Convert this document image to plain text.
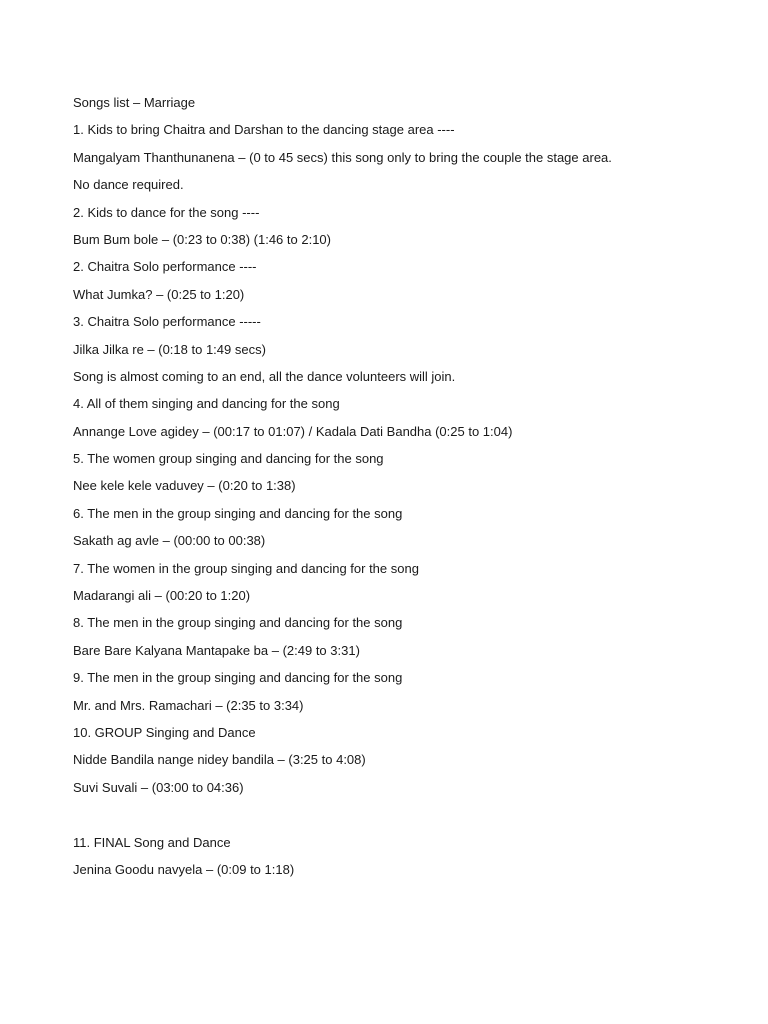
Songs list – Marriage
1. Kids to bring Chaitra and Darshan to the dancing stage area ----
Mangalyam Thanthunanena – (0 to 45 secs) this song only to bring the couple the stage area.
No dance required.
2. Kids to dance for the song ----
Bum Bum bole – (0:23 to 0:38) (1:46 to 2:10)
2. Chaitra Solo performance ----
What Jumka? – (0:25 to 1:20)
3. Chaitra Solo performance -----
Jilka Jilka re – (0:18 to 1:49 secs)
Song is almost coming to an end, all the dance volunteers will join.
4. All of them singing and dancing for the song
Annange Love agidey – (00:17 to 01:07) / Kadala Dati Bandha (0:25 to 1:04)
5. The women group singing and dancing for the song
Nee kele kele vaduvey – (0:20 to 1:38)
6. The men in the group singing and dancing for the song
Sakath ag avle – (00:00 to 00:38)
7. The women in the group singing and dancing for the song
Madarangi ali – (00:20 to 1:20)
8. The men in the group singing and dancing for the song
Bare Bare Kalyana Mantapake ba – (2:49 to 3:31)
9. The men in the group singing and dancing for the song
Mr. and Mrs. Ramachari – (2:35 to 3:34)
10. GROUP Singing and Dance
Nidde Bandila nange nidey bandila – (3:25 to 4:08)
Suvi Suvali – (03:00 to 04:36)
11. FINAL Song and Dance
Jenina Goodu navyela – (0:09 to 1:18)
